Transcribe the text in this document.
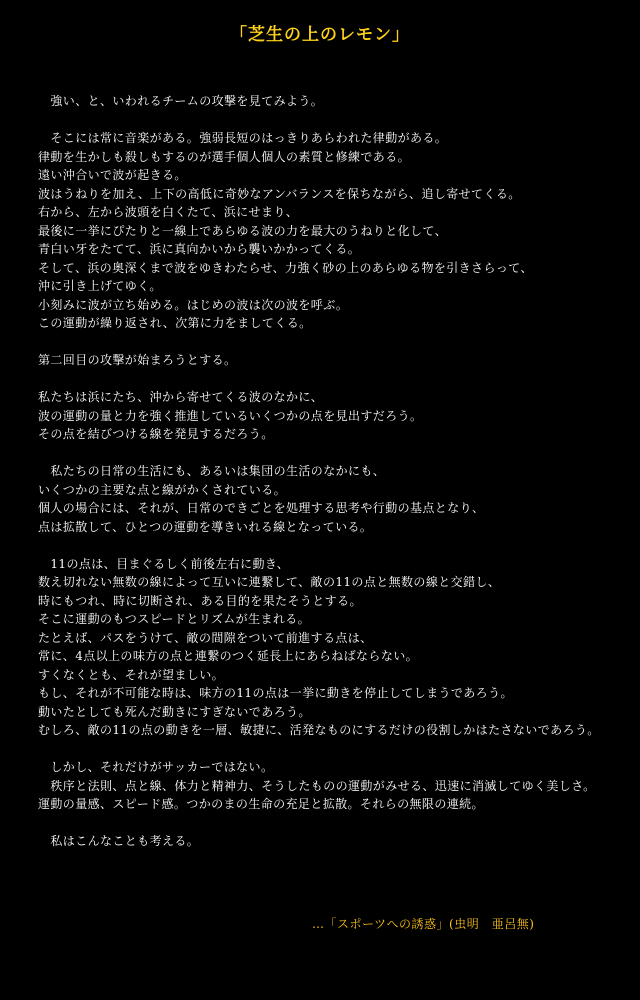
「芝生の上のレモン」
　強い、と、いわれるチームの攻撃を見てみよう。
　そこには常に音楽がある。強弱長短のはっきりあらわれた律動がある。
律動を生かしも殺しもするのが選手個人個人の素質と修練である。
遠い沖合いで波が起きる。
波はうねりを加え、上下の高低に奇妙なアンバランスを保ちながら、追し寄せてくる。
右から、左から波頭を白くたて、浜にせまり、
最後に一挙にぴたりと一線上であらゆる波の力を最大のうねりと化して、
青白い牙をたてて、浜に真向かいから襲いかかってくる。
そして、浜の奥深くまで波をゆきわたらせ、力強く砂の上のあらゆる物を引きさらって、
沖に引き上げてゆく。
小刻みに波が立ち始める。はじめの波は次の波を呼ぶ。
この運動が繰り返され、次第に力をましてくる。
第二回目の攻撃が始まろうとする。
私たちは浜にたち、沖から寄せてくる波のなかに、
波の運動の量と力を強く推進しているいくつかの点を見出すだろう。
その点を結びつける線を発見するだろう。
　私たちの日常の生活にも、あるいは集団の生活のなかにも、
いくつかの主要な点と線がかくされている。
個人の場合には、それが、日常のできごとを処理する思考や行動の基点となり、
点は拡散して、ひとつの運動を導きいれる線となっている。
　11の点は、目まぐるしく前後左右に動き、
数え切れない無数の線によって互いに連繋して、敵の11の点と無数の線と交錯し、
時にもつれ、時に切断され、ある目的を果たそうとする。
そこに運動のもつスピードとリズムが生まれる。
たとえば、パスをうけて、敵の間隙をついて前進する点は、
常に、4点以上の味方の点と連繋のつく延長上にあらねばならない。
すくなくとも、それが望ましい。
もし、それが不可能な時は、味方の11の点は一挙に動きを停止してしまうであろう。
動いたとしても死んだ動きにすぎないであろう。
むしろ、敵の11の点の動きを一層、敏捷に、活発なものにするだけの役割しかはたさないであろう。
　しかし、それだけがサッカーではない。
　秩序と法則、点と線、体力と精神力、そうしたものの運動がみせる、迅速に消滅してゆく美しさ。
運動の量感、スピード感。つかのまの生命の充足と拡散。それらの無限の連続。
　私はこんなことも考える。
…「スポーツへの誘惑」(虫明　亜呂無)
